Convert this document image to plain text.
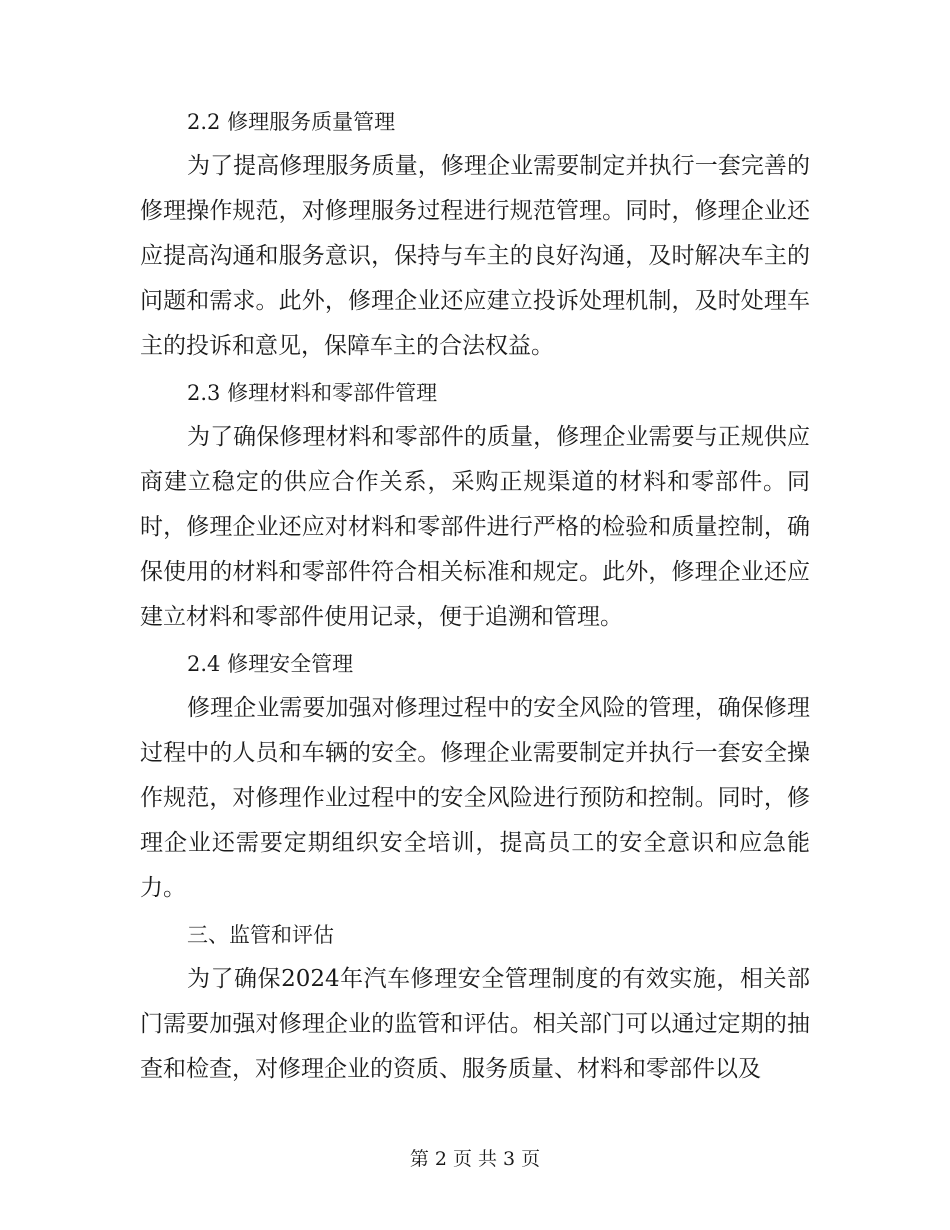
2.2 修理服务质量管理

为了提高修理服务质量，修理企业需要制定并执行一套完善的修理操作规范，对修理服务过程进行规范管理。同时，修理企业还应提高沟通和服务意识，保持与车主的良好沟通，及时解决车主的问题和需求。此外，修理企业还应建立投诉处理机制，及时处理车主的投诉和意见，保障车主的合法权益。

2.3 修理材料和零部件管理

为了确保修理材料和零部件的质量，修理企业需要与正规供应商建立稳定的供应合作关系，采购正规渠道的材料和零部件。同时，修理企业还应对材料和零部件进行严格的检验和质量控制，确保使用的材料和零部件符合相关标准和规定。此外，修理企业还应建立材料和零部件使用记录，便于追溯和管理。

2.4 修理安全管理

修理企业需要加强对修理过程中的安全风险的管理，确保修理过程中的人员和车辆的安全。修理企业需要制定并执行一套安全操作规范，对修理作业过程中的安全风险进行预防和控制。同时，修理企业还需要定期组织安全培训，提高员工的安全意识和应急能力。

三、监管和评估

为了确保2024年汽车修理安全管理制度的有效实施，相关部门需要加强对修理企业的监管和评估。相关部门可以通过定期的抽查和检查，对修理企业的资质、服务质量、材料和零部件以及

第 2 页 共 3 页
